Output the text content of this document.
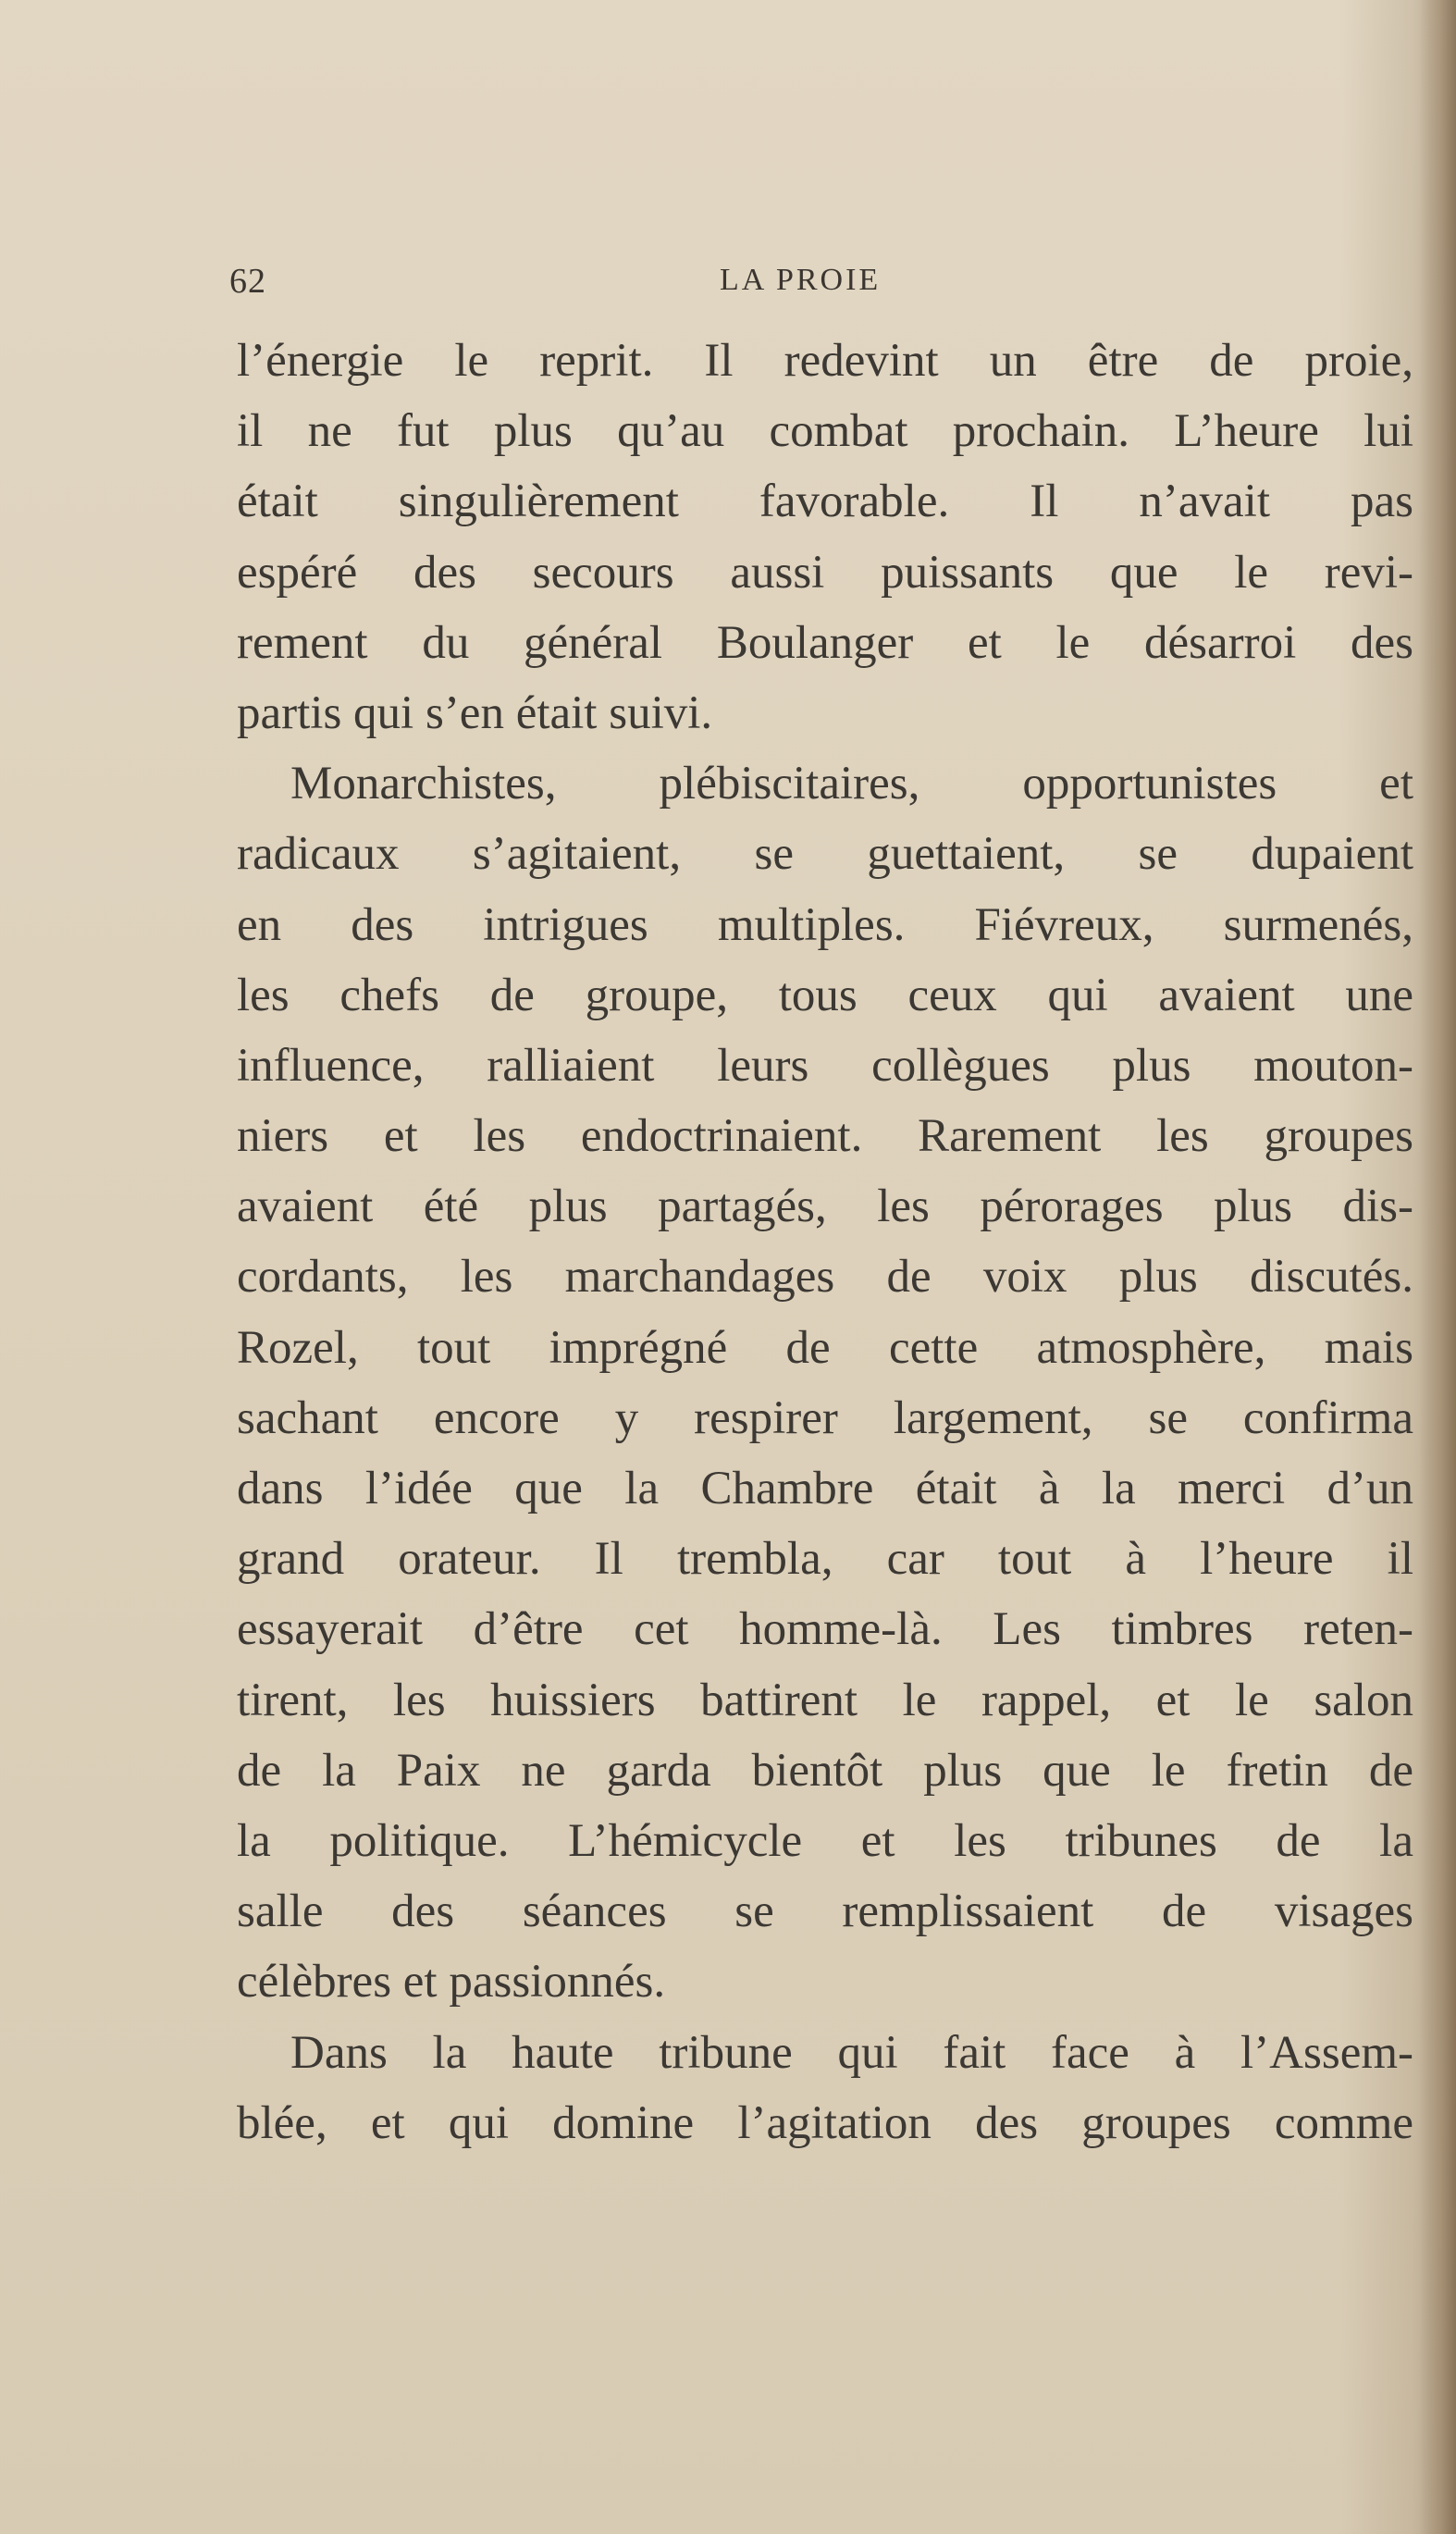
62	LA PROIE
l’énergie le reprit. Il redevint un être de proie,
il ne fut plus qu’au combat prochain. L’heure lui
était singulièrement favorable. Il n’avait pas
espéré des secours aussi puissants que le revi-
rement du général Boulanger et le désarroi des
partis qui s’en était suivi.
Monarchistes, plébiscitaires, opportunistes et
radicaux s’agitaient, se guettaient, se dupaient
en des intrigues multiples. Fiévreux, surmenés,
les chefs de groupe, tous ceux qui avaient une
influence, ralliaient leurs collègues plus mouton-
niers et les endoctrinaient. Rarement les groupes
avaient été plus partagés, les pérorages plus dis-
cordants, les marchandages de voix plus discutés.
Rozel, tout imprégné de cette atmosphère, mais
sachant encore y respirer largement, se confirma
dans l’idée que la Chambre était à la merci d’un
grand orateur. Il trembla, car tout à l’heure il
essayerait d’être cet homme-là. Les timbres reten-
tirent, les huissiers battirent le rappel, et le salon
de la Paix ne garda bientôt plus que le fretin de
la politique. L’hémicycle et les tribunes de la
salle des séances se remplissaient de visages
célèbres et passionnés.
Dans la haute tribune qui fait face à l’Assem-
blée, et qui domine l’agitation des groupes comme
